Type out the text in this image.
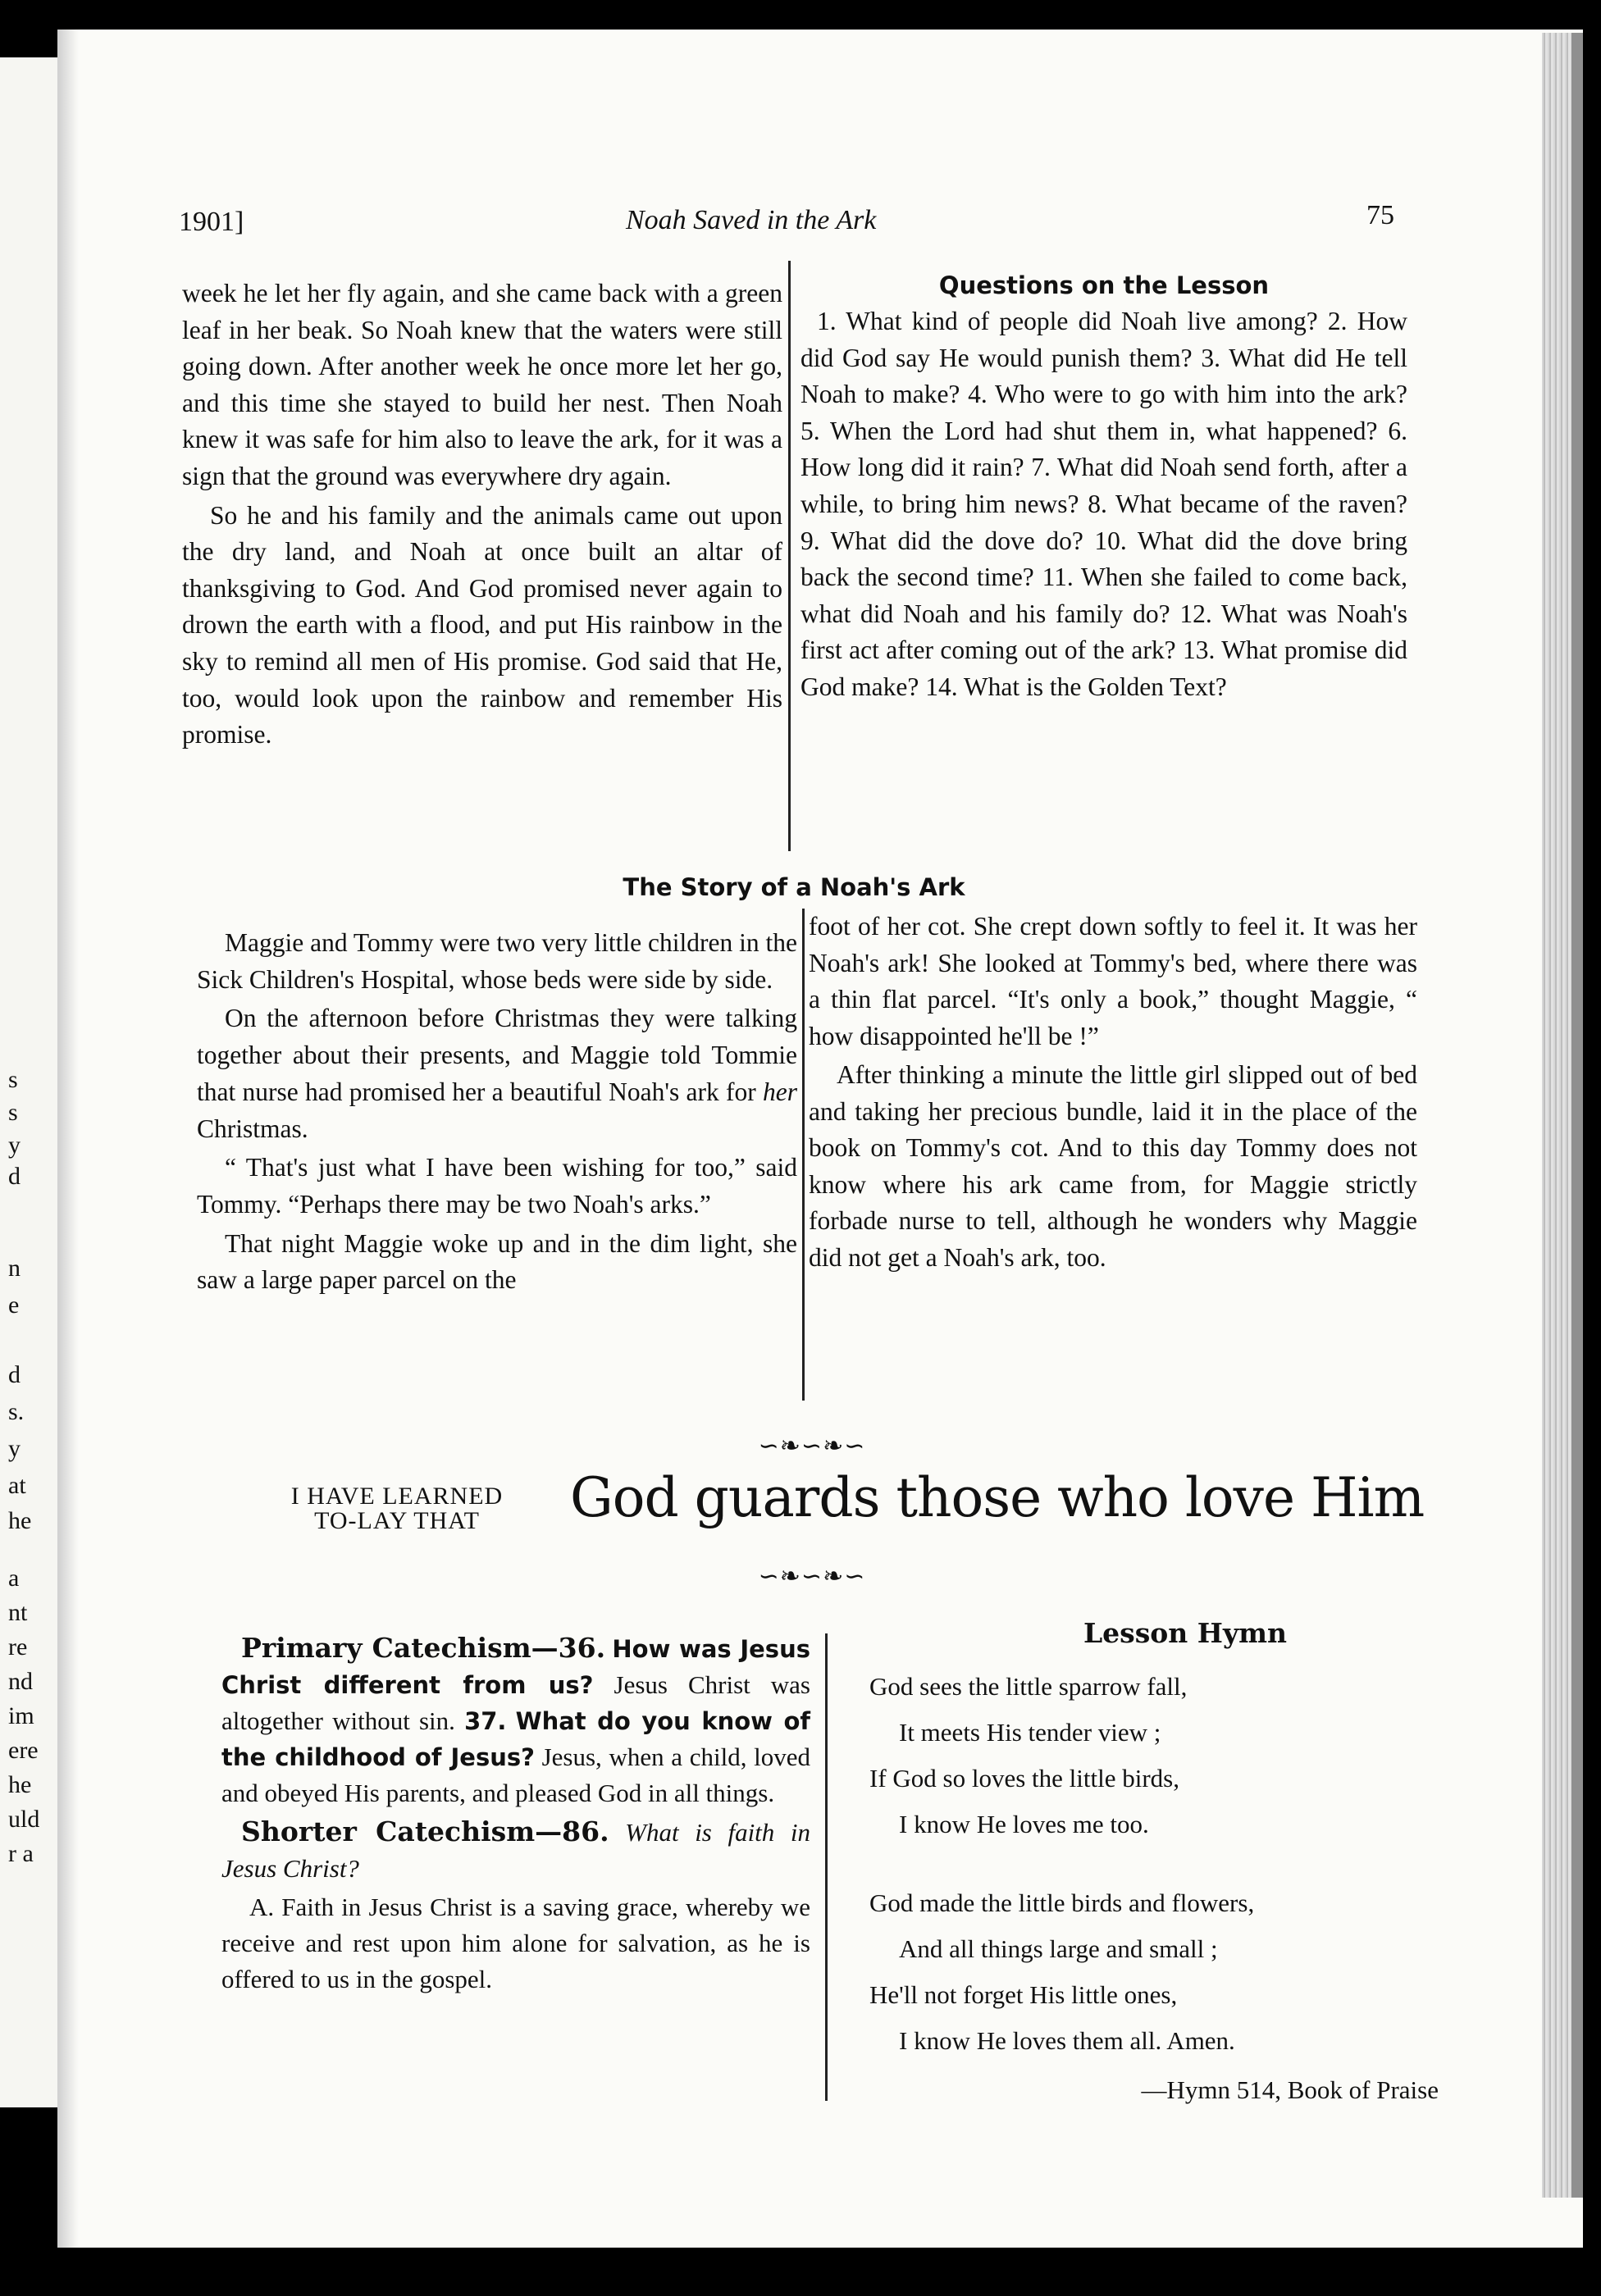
s
s
y
d
n
e
d
s.
y
at
he
a
nt
re
nd
im
ere
he
uld
r a
1901]	Noah Saved in the Ark	75

week he let her fly again, and she came back with a green leaf in her beak. So Noah knew that the waters were still going down. After another week he once more let her go, and this time she stayed to build her nest. Then Noah knew it was safe for him also to leave the ark, for it was a sign that the ground was everywhere dry again.

So he and his family and the animals came out upon the dry land, and Noah at once built an altar of thanksgiving to God. And God promised never again to drown the earth with a flood, and put His rainbow in the sky to remind all men of His promise. God said that He, too, would look upon the rainbow and remember His promise.

Questions on the Lesson

1. What kind of people did Noah live among? 2. How did God say He would punish them? 3. What did He tell Noah to make? 4. Who were to go with him into the ark? 5. When the Lord had shut them in, what happened? 6. How long did it rain? 7. What did Noah send forth, after a while, to bring him news? 8. What became of the raven? 9. What did the dove do? 10. What did the dove bring back the second time? 11. When she failed to come back, what did Noah and his family do? 12. What was Noah's first act after coming out of the ark? 13. What promise did God make? 14. What is the Golden Text?

The Story of a Noah's Ark

Maggie and Tommy were two very little children in the Sick Children's Hospital, whose beds were side by side.

On the afternoon before Christmas they were talking together about their presents, and Maggie told Tommie that nurse had promised her a beautiful Noah's ark for her Christmas.

“ That's just what I have been wishing for too,” said Tommy. “Perhaps there may be two Noah's arks.”

That night Maggie woke up and in the dim light, she saw a large paper parcel on the

foot of her cot. She crept down softly to feel it. It was her Noah's ark! She looked at Tommy's bed, where there was a thin flat parcel. “It's only a book,” thought Maggie, “ how disappointed he'll be !”

After thinking a minute the little girl slipped out of bed and taking her precious bundle, laid it in the place of the book on Tommy's cot. And to this day Tommy does not know where his ark came from, for Maggie strictly forbade nurse to tell, although he wonders why Maggie did not get a Noah's ark, too.

∽❧∽❧∽
I HAVE LEARNED
TO-LAY THAT	God guards those who love Him
∽❧∽❧∽

Primary Catechism—36. How was Jesus Christ different from us? Jesus Christ was altogether without sin. 37. What do you know of the childhood of Jesus? Jesus, when a child, loved and obeyed His parents, and pleased God in all things.

Shorter Catechism—86. What is faith in Jesus Christ?

A. Faith in Jesus Christ is a saving grace, whereby we receive and rest upon him alone for salvation, as he is offered to us in the gospel.

Lesson Hymn
God sees the little sparrow fall,
It meets His tender view ;
If God so loves the little birds,
I know He loves me too.
God made the little birds and flowers,
And all things large and small ;
He'll not forget His little ones,
I know He loves them all. Amen.
—Hymn 514, Book of Praise
